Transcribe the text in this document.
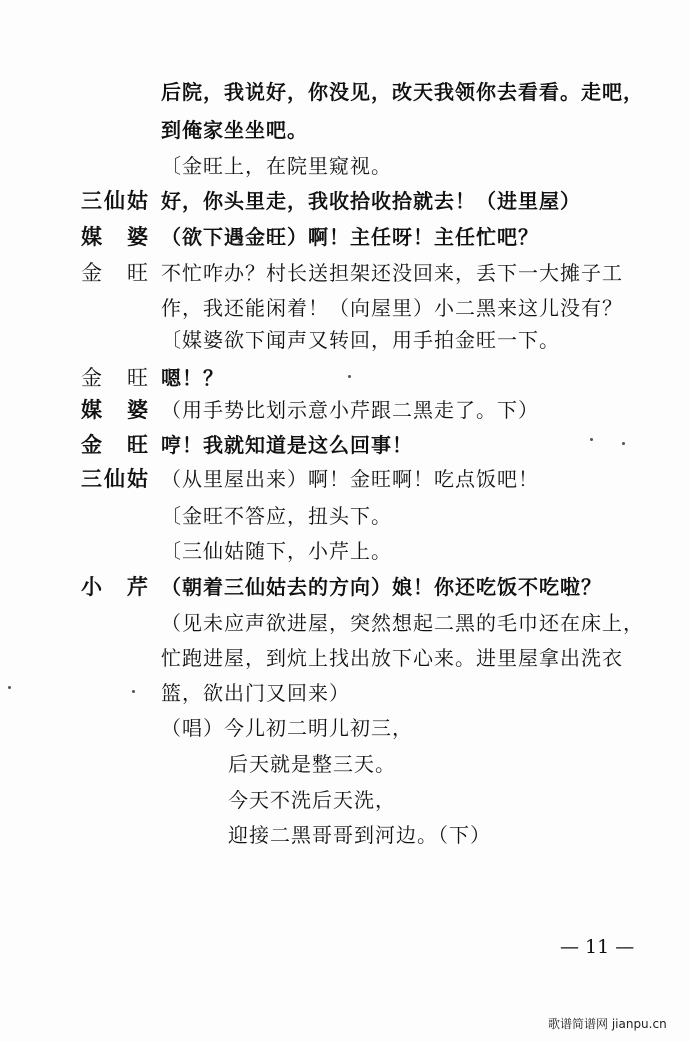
后院，我说好，你没见，改天我领你去看看。走吧，
到俺家坐坐吧。
〔金旺上，在院里窥视。
三仙姑 好，你头里走，我收拾收拾就去！（进里屋）
媒　婆 （欲下遇金旺）啊！主任呀！主任忙吧？
金　旺 不忙咋办？村长送担架还没回来，丢下一大摊子工
作，我还能闲着！（向屋里）小二黑来这儿没有？
〔媒婆欲下闻声又转回，用手拍金旺一下。
金　旺 嗯！？
媒　婆 （用手势比划示意小芹跟二黑走了。下）
金　旺 哼！我就知道是这么回事！
三仙姑 （从里屋出来）啊！金旺啊！吃点饭吧！
〔金旺不答应，扭头下。
〔三仙姑随下，小芹上。
小　芹 （朝着三仙姑去的方向）娘！你还吃饭不吃啦？
（见未应声欲进屋，突然想起二黑的毛巾还在床上，
忙跑进屋，到炕上找出放下心来。进里屋拿出洗衣
篮，欲出门又回来）
（唱）今儿初二明儿初三，
后天就是整三天。
今天不洗后天洗，
迎接二黑哥哥到河边。（下）
— 11 —
歌谱简谱网 jianpu.cn
